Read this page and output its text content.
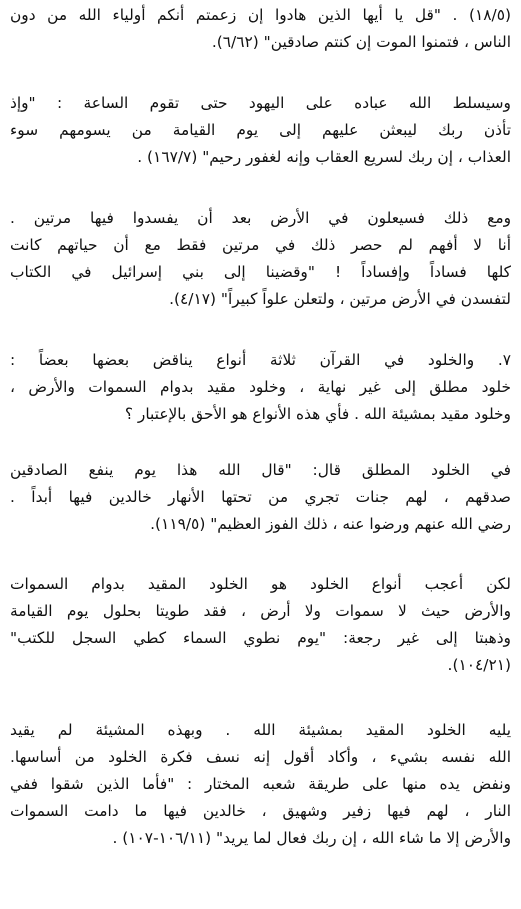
(١٨/٥) . "قل يا أيها الذين هادوا إن زعمتم أنكم أولياء الله من دون
الناس ، فتمنوا الموت إن كنتم صادقين" (٦/٦٢).
وسيسلط الله عباده على اليهود حتى تقوم الساعة : "وإذ
تأذن ربك ليبعثن عليهم إلى يوم القيامة من يسومهم سوء
العذاب ، إن ربك لسريع العقاب وإنه لغفور رحيم" (١٦٧/٧) .
ومع ذلك فسيعلون في الأرض بعد أن يفسدوا فيها مرتين .
أنا لا أفهم لم حصر ذلك في مرتين فقط مع أن حياتهم كانت
كلها فساداً وإفساداً ! "وقضينا إلى بني إسرائيل في الكتاب
لتفسدن في الأرض مرتين ، ولتعلن علواً كبيراً" (٤/١٧).
٧. والخلود في القرآن ثلاثة أنواع يناقض بعضها بعضاً :
خلود مطلق إلى غير نهاية ، وخلود مقيد بدوام السموات والأرض ،
وخلود مقيد بمشيئة الله . فأي هذه الأنواع هو الأحق بالإعتبار ؟
في الخلود المطلق قال: "قال الله هذا يوم ينفع الصادقين
صدقهم ، لهم جنات تجري من تحتها الأنهار خالدين فيها أبداً .
رضي الله عنهم ورضوا عنه ، ذلك الفوز العظيم" (١١٩/٥).
لكن أعجب أنواع الخلود هو الخلود المقيد بدوام السموات
والأرض حيث لا سموات ولا أرض ، فقد طويتا بحلول يوم القيامة
وذهبتا إلى غير رجعة: "يوم نطوي السماء كطي السجل للكتب"
(١٠٤/٢١).
يليه الخلود المقيد بمشيئة الله . وبهذه المشيئة لم يقيد
الله نفسه بشيء ، وأكاد أقول إنه نسف فكرة الخلود من أساسها.
ونفض يده منها على طريقة شعبه المختار : "فأما الذين شقوا ففي
النار ، لهم فيها زفير وشهيق ، خالدين فيها ما دامت السموات
والأرض إلا ما شاء الله ، إن ربك فعال لما يريد" (١٠٦/١١-١٠٧) .
